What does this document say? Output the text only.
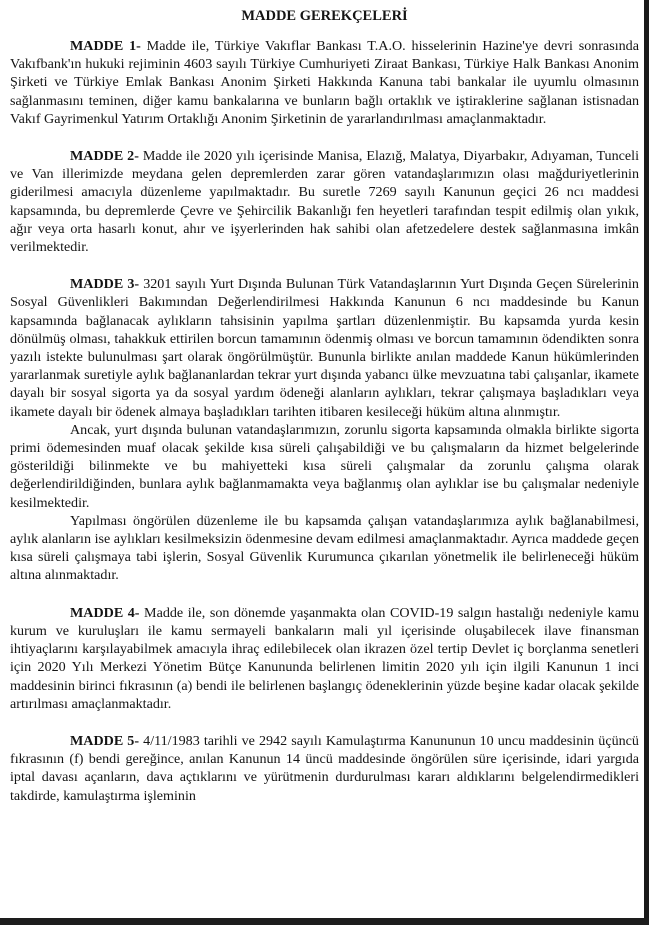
MADDE GEREKÇELERİ

MADDE 1- Madde ile, Türkiye Vakıflar Bankası T.A.O. hisselerinin Hazine'ye devri sonrasında Vakıfbank'ın hukuki rejiminin 4603 sayılı Türkiye Cumhuriyeti Ziraat Bankası, Türkiye Halk Bankası Anonim Şirketi ve Türkiye Emlak Bankası Anonim Şirketi Hakkında Kanuna tabi bankalar ile uyumlu olmasının sağlanmasını teminen, diğer kamu bankalarına ve bunların bağlı ortaklık ve iştiraklerine sağlanan istisnadan Vakıf Gayrimenkul Yatırım Ortaklığı Anonim Şirketinin de yararlandırılması amaçlanmaktadır.

MADDE 2- Madde ile 2020 yılı içerisinde Manisa, Elazığ, Malatya, Diyarbakır, Adıyaman, Tunceli ve Van illerimizde meydana gelen depremlerden zarar gören vatandaşlarımızın olası mağduriyetlerinin giderilmesi amacıyla düzenleme yapılmaktadır. Bu suretle 7269 sayılı Kanunun geçici 26 ncı maddesi kapsamında, bu depremlerde Çevre ve Şehircilik Bakanlığı fen heyetleri tarafından tespit edilmiş olan yıkık, ağır veya orta hasarlı konut, ahır ve işyerlerinden hak sahibi olan afetzedelere destek sağlanmasına imkân verilmektedir.

MADDE 3- 3201 sayılı Yurt Dışında Bulunan Türk Vatandaşlarının Yurt Dışında Geçen Sürelerinin Sosyal Güvenlikleri Bakımından Değerlendirilmesi Hakkında Kanunun 6 ncı maddesinde bu Kanun kapsamında bağlanacak aylıkların tahsisinin yapılma şartları düzenlenmiştir. Bu kapsamda yurda kesin dönülmüş olması, tahakkuk ettirilen borcun tamamının ödenmiş olması ve borcun tamamının ödendikten sonra yazılı istekte bulunulması şart olarak öngörülmüştür. Bununla birlikte anılan maddede Kanun hükümlerinden yararlanmak suretiyle aylık bağlananlardan tekrar yurt dışında yabancı ülke mevzuatına tabi çalışanlar, ikamete dayalı bir sosyal sigorta ya da sosyal yardım ödeneği alanların aylıkları, tekrar çalışmaya başladıkları veya ikamete dayalı bir ödenek almaya başladıkları tarihten itibaren kesileceği hüküm altına alınmıştır.

Ancak, yurt dışında bulunan vatandaşlarımızın, zorunlu sigorta kapsamında olmakla birlikte sigorta primi ödemesinden muaf olacak şekilde kısa süreli çalışabildiği ve bu çalışmaların da hizmet belgelerinde gösterildiği bilinmekte ve bu mahiyetteki kısa süreli çalışmalar da zorunlu çalışma olarak değerlendirildiğinden, bunlara aylık bağlanmamakta veya bağlanmış olan aylıklar ise bu çalışmalar nedeniyle kesilmektedir.

Yapılması öngörülen düzenleme ile bu kapsamda çalışan vatandaşlarımıza aylık bağlanabilmesi, aylık alanların ise aylıkları kesilmeksizin ödenmesine devam edilmesi amaçlanmaktadır. Ayrıca maddede geçen kısa süreli çalışmaya tabi işlerin, Sosyal Güvenlik Kurumunca çıkarılan yönetmelik ile belirleneceği hüküm altına alınmaktadır.

MADDE 4- Madde ile, son dönemde yaşanmakta olan COVID-19 salgın hastalığı nedeniyle kamu kurum ve kuruluşları ile kamu sermayeli bankaların mali yıl içerisinde oluşabilecek ilave finansman ihtiyaçlarını karşılayabilmek amacıyla ihraç edilebilecek olan ikrazen özel tertip Devlet iç borçlanma senetleri için 2020 Yılı Merkezi Yönetim Bütçe Kanununda belirlenen limitin 2020 yılı için ilgili Kanunun 1 inci maddesinin birinci fıkrasının (a) bendi ile belirlenen başlangıç ödeneklerinin yüzde beşine kadar olacak şekilde artırılması amaçlanmaktadır.

MADDE 5- 4/11/1983 tarihli ve 2942 sayılı Kamulaştırma Kanununun 10 uncu maddesinin üçüncü fıkrasının (f) bendi gereğince, anılan Kanunun 14 üncü maddesinde öngörülen süre içerisinde, idari yargıda iptal davası açanların, dava açtıklarını ve yürütmenin durdurulması kararı aldıklarını belgelendirmedikleri takdirde, kamulaştırma işleminin
